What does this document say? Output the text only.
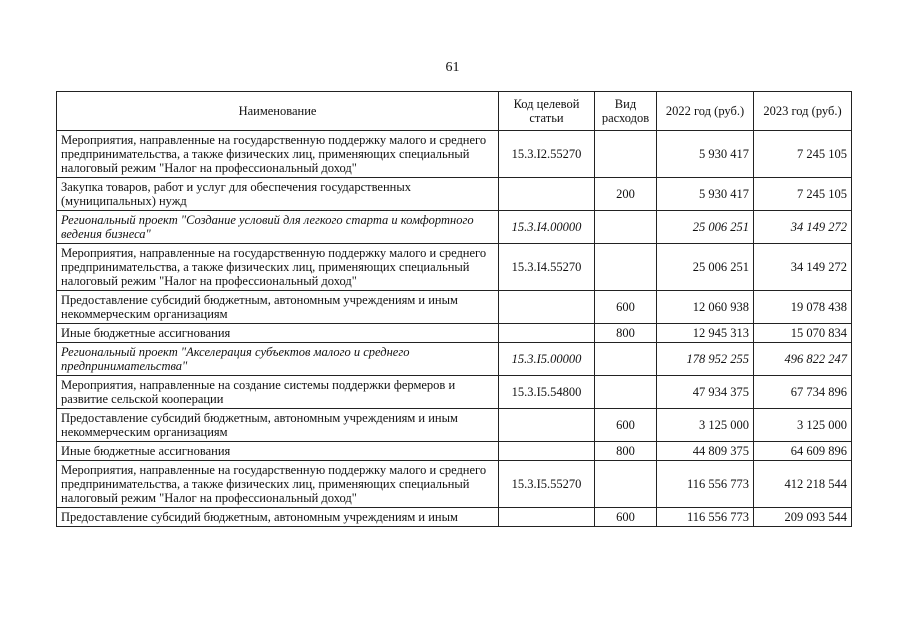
61
Наименование	Код целевой статьи	Вид расходов	2022 год (руб.)	2023 год (руб.)
Мероприятия, направленные на государственную поддержку малого и среднего предпринимательства, а также физических лиц, применяющих специальный налоговый режим "Налог на профессиональный доход"	15.3.I2.55270		5 930 417	7 245 105
Закупка товаров, работ и услуг для обеспечения государственных (муниципальных) нужд		200	5 930 417	7 245 105
Региональный проект "Создание условий для легкого старта и комфортного ведения бизнеса"	15.3.I4.00000		25 006 251	34 149 272
Мероприятия, направленные на государственную поддержку малого и среднего предпринимательства, а также физических лиц, применяющих специальный налоговый режим "Налог на профессиональный доход"	15.3.I4.55270		25 006 251	34 149 272
Предоставление субсидий бюджетным, автономным учреждениям и иным некоммерческим организациям		600	12 060 938	19 078 438
Иные бюджетные ассигнования		800	12 945 313	15 070 834
Региональный проект "Акселерация субъектов малого и среднего предпринимательства"	15.3.I5.00000		178 952 255	496 822 247
Мероприятия, направленные на создание системы поддержки фермеров и развитие сельской кооперации	15.3.I5.54800		47 934 375	67 734 896
Предоставление субсидий бюджетным, автономным учреждениям и иным некоммерческим организациям		600	3 125 000	3 125 000
Иные бюджетные ассигнования		800	44 809 375	64 609 896
Мероприятия, направленные на государственную поддержку малого и среднего предпринимательства, а также физических лиц, применяющих специальный налоговый режим "Налог на профессиональный доход"	15.3.I5.55270		116 556 773	412 218 544
Предоставление субсидий бюджетным, автономным учреждениям и иным		600	116 556 773	209 093 544
